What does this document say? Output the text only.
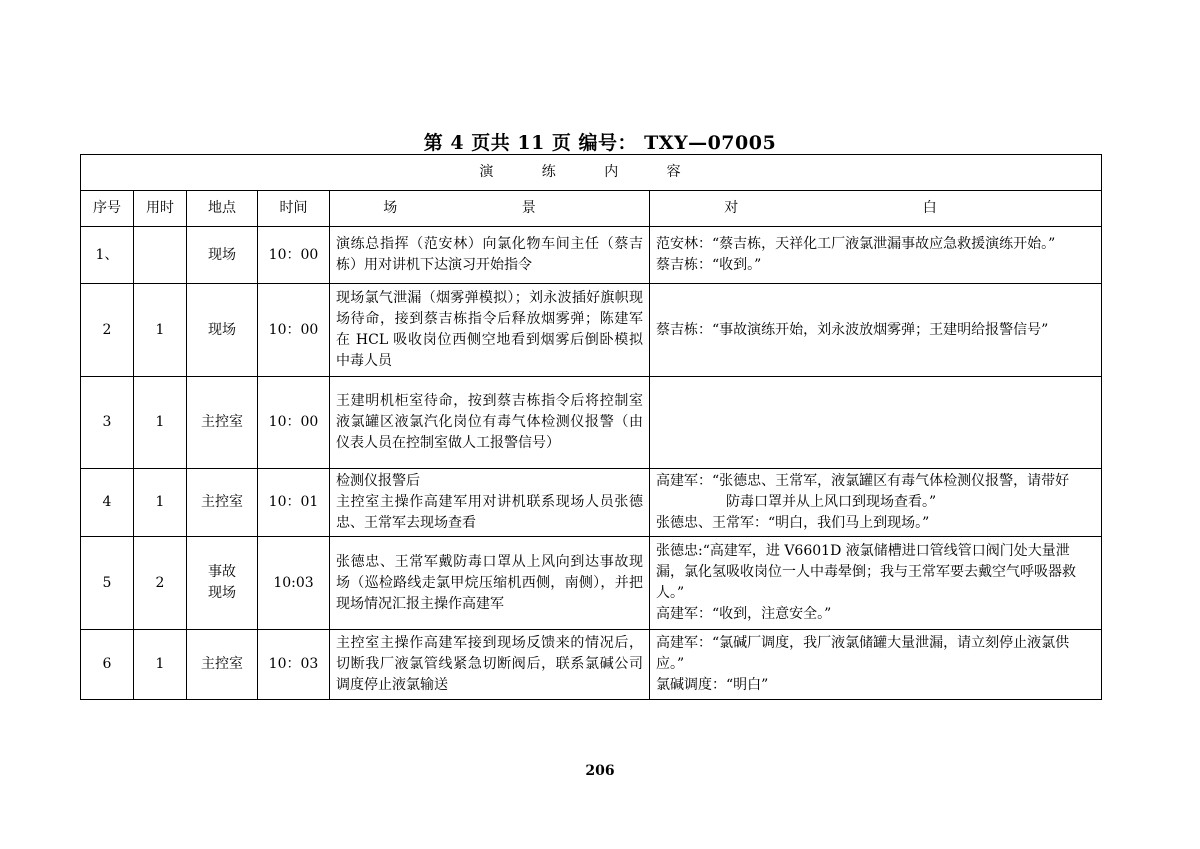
第 4 页共 11 页 编号： TXY—07005
演 练 内 容					
序号	用时	地点	时间	场 景	对 白
1、		现场	10：00	演练总指挥（范安林）向氯化物车间主任（蔡吉栋）用对讲机下达演习开始指令	范安林：“蔡吉栋，天祥化工厂液氯泄漏事故应急救援演练开始。”
蔡吉栋：“收到。”

2	1	现场	10：00	现场氯气泄漏（烟雾弹模拟）；刘永波插好旗帜现场待命，接到蔡吉栋指令后释放烟雾弹；陈建军在 HCL 吸收岗位西侧空地看到烟雾后倒卧模拟中毒人员	蔡吉栋：“事故演练开始，刘永波放烟雾弹；王建明给报警信号”

3	1	主控室	10：00	王建明机柜室待命，按到蔡吉栋指令后将控制室液氯罐区液氯汽化岗位有毒气体检测仪报警（由仪表人员在控制室做人工报警信号）	
4	1	主控室	10：01	检测仪报警后
主控室主操作高建军用对讲机联系现场人员张德忠、王常军去现场查看	高建军：“张德忠、王常军，液氯罐区有毒气体检测仪报警，请带好
防毒口罩并从上风口到现场查看。”
张德忠、王常军：“明白，我们马上到现场。”

5	2	事故
现场	10:03	张德忠、王常军戴防毒口罩从上风向到达事故现场（巡检路线走氯甲烷压缩机西侧，南侧），并把现场情况汇报主操作高建军	张德忠:“高建军，进 V6601D 液氯储槽进口管线管口阀门处大量泄漏，氯化氢吸收岗位一人中毒晕倒；我与王常军要去戴空气呼吸器救人。”
高建军：“收到，注意安全。”

6	1	主控室	10：03	主控室主操作高建军接到现场反馈来的情况后，切断我厂液氯管线紧急切断阀后，联系氯碱公司调度停止液氯输送	高建军：“氯碱厂调度，我厂液氯储罐大量泄漏，请立刻停止液氯供应。”
氯碱调度：“明白”
206
